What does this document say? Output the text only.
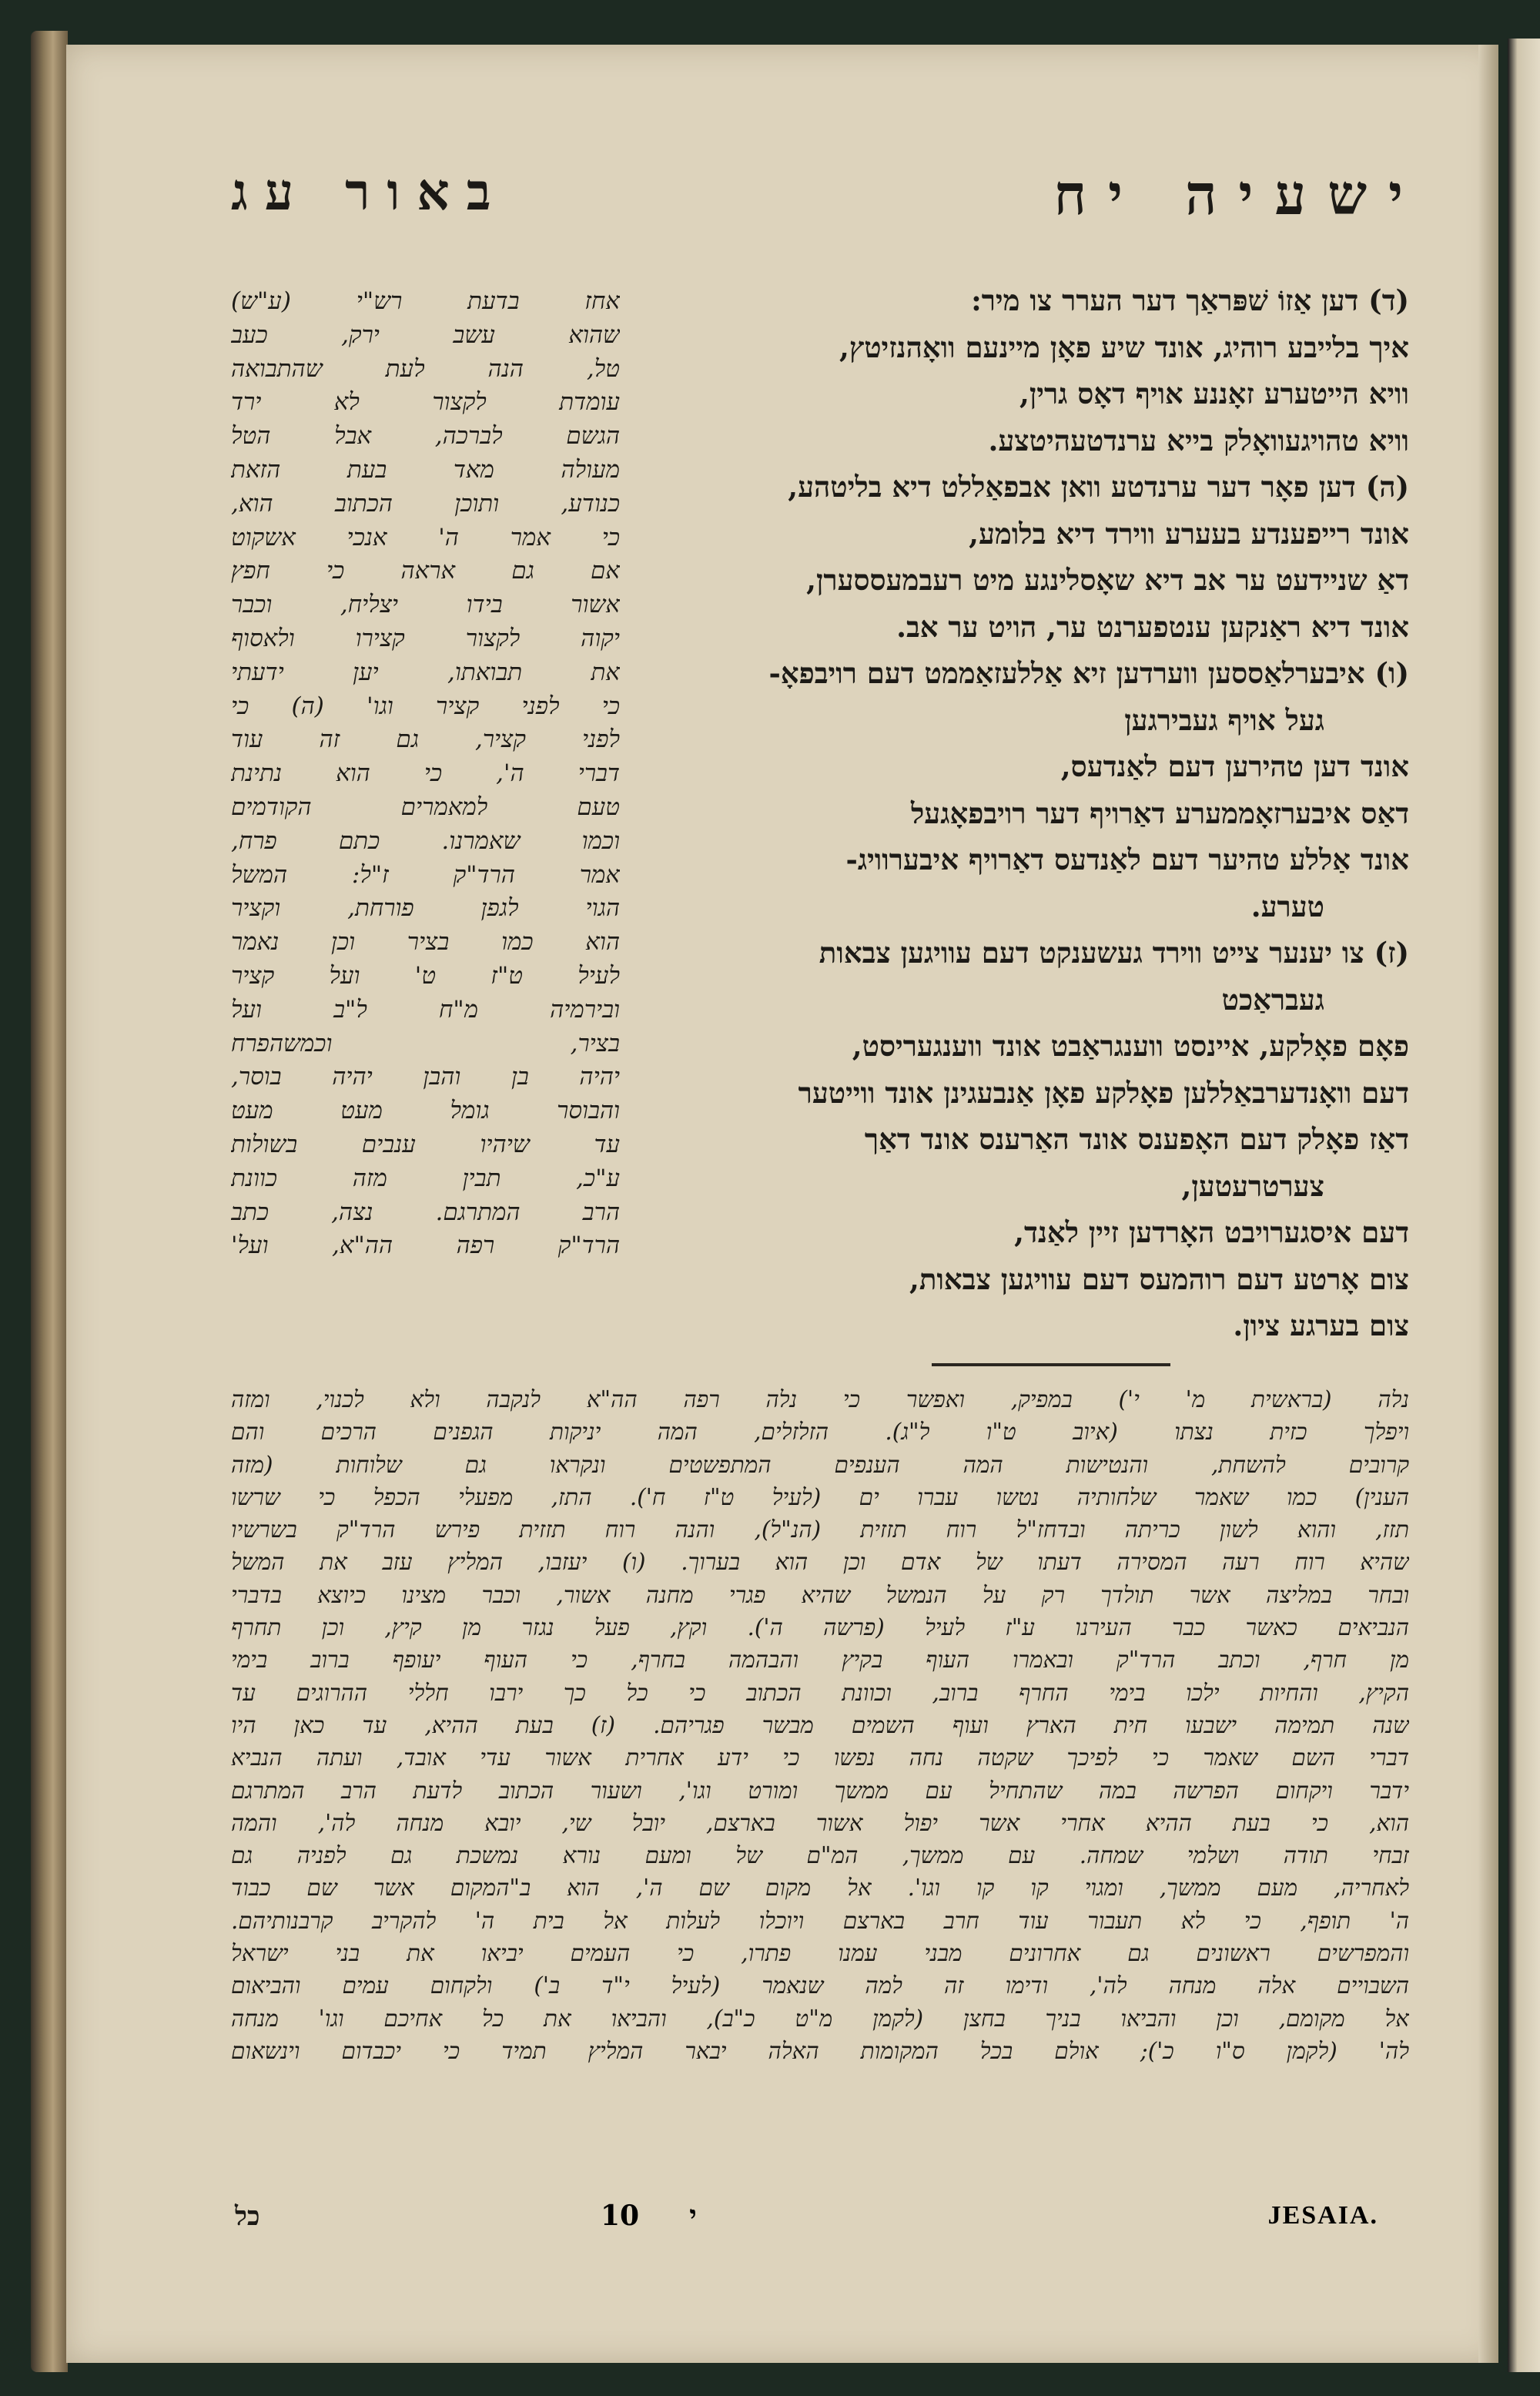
ישעיה יח
באור עג
אחז בדעת רש"י (ע"ש)
שהוא עשב ירק, כעב
טל, הנה לעת שהתבואה
עומדת לקצור לא ירד
הגשם לברכה, אבל הטל
מעולה מאד בעת הזאת
כנודע, ותוכן הכתוב הוא,
כי אמר ה' אנכי אשקוט
אם גם אראה כי חפץ
אשור בידו יצליח, וכבר
יקוה לקצור קצירו ולאסוף
את תבואתו, יען ידעתי
כי לפני קציר וגו' (ה) כי
לפני קציר, גם זה עוד
דברי ה', כי הוא נתינת
טעם למאמרים הקודמים
וכמו שאמרנו. כתם פרח,
אמר הרד"ק ז"ל: המשל
הגוי לגפן פורחת, וקציר
הוא כמו בציר וכן נאמר
לעיל ט"ז ט' ועל קציר
ובירמיה מ"ח ל"ב ועל
בציר, וכמשהפרח
יהיה בן והבן יהיה בוסר,
והבוסר גומל מעט מעט
עד שיהיו ענבים בשולות
ע"כ, תבין מזה כוונת
הרב המתרגם. נצה, כתב
הרד"ק רפה הה"א, ועל'
(ד) דען אַזוֹ שׁפּראַך דער הערר צו מיר:
איך בלייבע רוהיג, אונד שיע פאָן מיינעם וואָהנזיטץ,
וויא הייטערע זאָננע אויף דאָס גרין,
וויא טהויגעוואָלק בייא ערנדטעהיטצע.
(ה) דען פאָר דער ערנדטע וואן אבפאַללט דיא בליטהע,
אונד רייפענדע בעערע ווירד דיא בלומע,
דאַ שניידעט ער אב דיא שאָסלינגע מיט רעבמעססערן,
אונד דיא ראַנקען ענטפערנט ער, הויט ער אב.
(ו) איבערלאַססען ווערדען זיא אַללעזאַממט דעם רויבפאָ-
געל אויף געבירגען
אונד דען טהירען דעם לאַנדעס,
דאַס איבערזאָממערע דאַרויף דער רויבפאָגעל
אונד אַללע טהיער דעם לאַנדעס דאַרויף איבערוויג-
טערע.
(ז) צו יענער צייט ווירד געשענקט דעם עוויגען צבאות
געבראַכט
פאָם פאָלקע, איינסט ווענגראַבט אונד ווענגעריסט,
דעם וואָנדערבאַללען פאָלקע פאָן אַנבעגינן אונד ווייטער
דאַז פאָלק דעם האָפענס אונד האַרענס אונד דאַך
צערטרעטען,
דעם איסגערויבט האָרדען זיין לאַנד,
צום אָרטע דעם רוהמעס דעם עוויגען צבאות,
צום בערגע ציון.
נלה (בראשית מ' י') במפיק, ואפשר כי נלה רפה הה"א לנקבה ולא לכנוי, ומזה
ויפלך כזית נצתו (איוב ט"ו ל"ג). הזלזלים, המה יניקות הגפנים הרכים והם
קרובים להשחת, והנטישות המה הענפים המתפשטים ונקראו גם שלוחות (מזה
הענין) כמו שאמר שלחותיה נטשו עברו ים (לעיל ט"ז ח'). התז, מפעלי הכפל כי שרשו
תזז, והוא לשון כריתה ובדחז"ל רוח תזזית (הנ"ל), והנה רוח תזזית פירש הרד"ק בשרשיו
שהיא רוח רעה המסירה דעתו של אדם וכן הוא בערוך. (ו) יעזבו, המליץ עזב את המשל
ובחר במליצה אשר תולדך רק על הנמשל שהיא פגרי מחנה אשור, וכבר מצינו כיוצא בדברי
הנביאים כאשר כבר העירנו ע"ז לעיל (פרשה ה'). וקץ, פעל נגזר מן קיץ, וכן תחרף
מן חרף, וכתב הרד"ק ובאמרו העוף בקיץ והבהמה בחרף, כי העוף יעופף ברוב בימי
הקיץ, והחיות ילכו בימי החרף ברוב, וכוונת הכתוב כי כל כך ירבו חללי ההרוגים עד
שנה תמימה ישבעו חית הארץ ועוף השמים מבשר פגריהם. (ז) בעת ההיא, עד כאן היו
דברי השם שאמר כי לפיכך שקטה נחה נפשו כי ידע אחרית אשור עדי אובד, ועתה הנביא
ידבר ויקחום הפרשה במה שהתחיל עם ממשך ומורט וגו', ושעור הכתוב לדעת הרב המתרגם
הוא, כי בעת ההיא אחרי אשר יפול אשור בארצם, יובל שי, יובא מנחה לה', והמה
זבחי תודה ושלמי שמחה. עם ממשך, המ"ם של ומעם נורא נמשכת גם לפניה גם
לאחריה, מעם ממשך, ומגוי קו קו וגו'. אל מקום שם ה', הוא ב"המקום אשר שם כבוד
ה' תופף, כי לא תעבור עוד חרב בארצם ויוכלו לעלות אל בית ה' להקריב קרבנותיהם.
והמפרשים ראשונים גם אחרונים מבני עמנו פתרו, כי העמים יביאו את בני ישראל
השבויים אלה מנחה לה', ודימו זה למה שנאמר (לעיל י"ד ב') ולקחום עמים והביאום
אל מקומם, וכן והביאו בניך בחצן (לקמן מ"ט כ"ב), והביאו את כל אחיכם וגו' מנחה
לה' (לקמן ס"ו כ'); אולם בכל המקומות האלה יבאר המליץ תמיד כי יכבדום וינשאום
כל	10 י	JESAIA.
